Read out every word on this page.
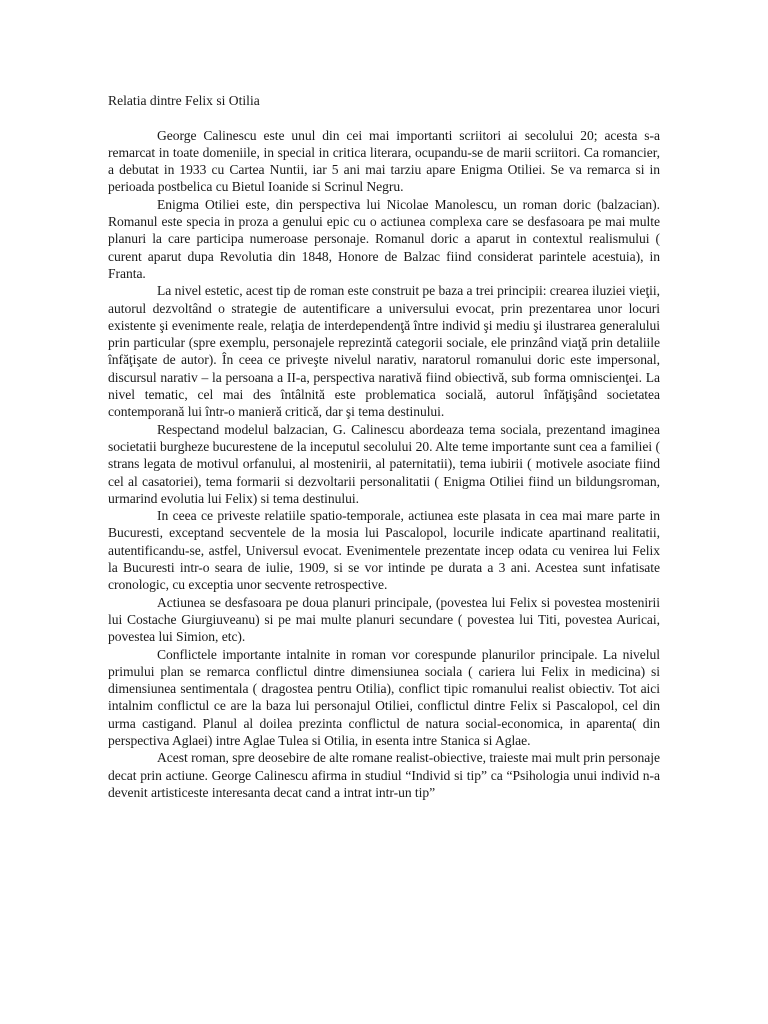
Relatia dintre Felix si Otilia

George Calinescu este unul din cei mai importanti scriitori ai secolului 20; acesta s-a remarcat in toate domeniile, in special in critica literara, ocupandu-se de marii scriitori. Ca romancier, a debutat in 1933 cu Cartea Nuntii, iar 5 ani mai tarziu apare Enigma Otiliei. Se va remarca si in perioada postbelica cu Bietul Ioanide si Scrinul Negru.

Enigma Otiliei este, din perspectiva lui Nicolae Manolescu, un roman doric (balzacian). Romanul este specia in proza a genului epic cu o actiunea complexa care se desfasoara pe mai multe planuri la care participa numeroase personaje. Romanul doric a aparut in contextul realismului ( curent aparut dupa Revolutia din 1848, Honore de Balzac fiind considerat parintele acestuia), in Franta.

La nivel estetic, acest tip de roman este construit pe baza a trei principii: crearea iluziei vieţii, autorul dezvoltând o strategie de autentificare a universului evocat, prin prezentarea unor locuri existente şi evenimente reale, relaţia de interdependenţă între individ şi mediu şi ilustrarea generalului prin particular (spre exemplu, personajele reprezintă categorii sociale, ele prinzând viaţă prin detaliile înfăţişate de autor). În ceea ce priveşte nivelul narativ, naratorul romanului doric este impersonal, discursul narativ – la persoana a II-a, perspectiva narativă fiind obiectivă, sub forma omniscienţei. La nivel tematic, cel mai des întâlnită este problematica socială, autorul înfăţişând societatea contemporană lui într-o manieră critică, dar şi tema destinului.

Respectand modelul balzacian, G. Calinescu abordeaza tema sociala, prezentand imaginea societatii burgheze bucurestene de la inceputul secolului 20. Alte teme importante sunt cea a familiei ( strans legata de motivul orfanului, al mostenirii, al paternitatii), tema iubirii ( motivele asociate fiind cel al casatoriei), tema formarii si dezvoltarii personalitatii ( Enigma Otiliei fiind un bildungsroman, urmarind evolutia lui Felix) si tema destinului.

In ceea ce priveste relatiile spatio-temporale, actiunea este plasata in cea mai mare parte in Bucuresti, exceptand secventele de la mosia lui Pascalopol, locurile indicate apartinand realitatii, autentificandu-se, astfel, Universul evocat. Evenimentele prezentate incep odata cu venirea lui Felix la Bucuresti intr-o seara de iulie, 1909, si se vor intinde pe durata a 3 ani. Acestea sunt infatisate cronologic, cu exceptia unor secvente retrospective.

Actiunea se desfasoara pe doua planuri principale, (povestea lui Felix si povestea mostenirii lui Costache Giurgiuveanu) si pe mai multe planuri secundare ( povestea lui Titi, povestea Auricai, povestea lui Simion, etc).

Conflictele importante intalnite in roman vor corespunde planurilor principale. La nivelul primului plan se remarca conflictul dintre dimensiunea sociala ( cariera lui Felix in medicina) si dimensiunea sentimentala ( dragostea pentru Otilia), conflict tipic romanului realist obiectiv. Tot aici intalnim conflictul ce are la baza lui personajul Otiliei, conflictul dintre Felix si Pascalopol, cel din urma castigand. Planul al doilea prezinta conflictul de natura social-economica, in aparenta( din perspectiva Aglaei) intre Aglae Tulea si Otilia, in esenta intre Stanica si Aglae.

Acest roman, spre deosebire de alte romane realist-obiective, traieste mai mult prin personaje decat prin actiune. George Calinescu afirma in studiul “Individ si tip” ca “Psihologia unui individ n-a devenit artisticeste interesanta decat cand a intrat intr-un tip”
